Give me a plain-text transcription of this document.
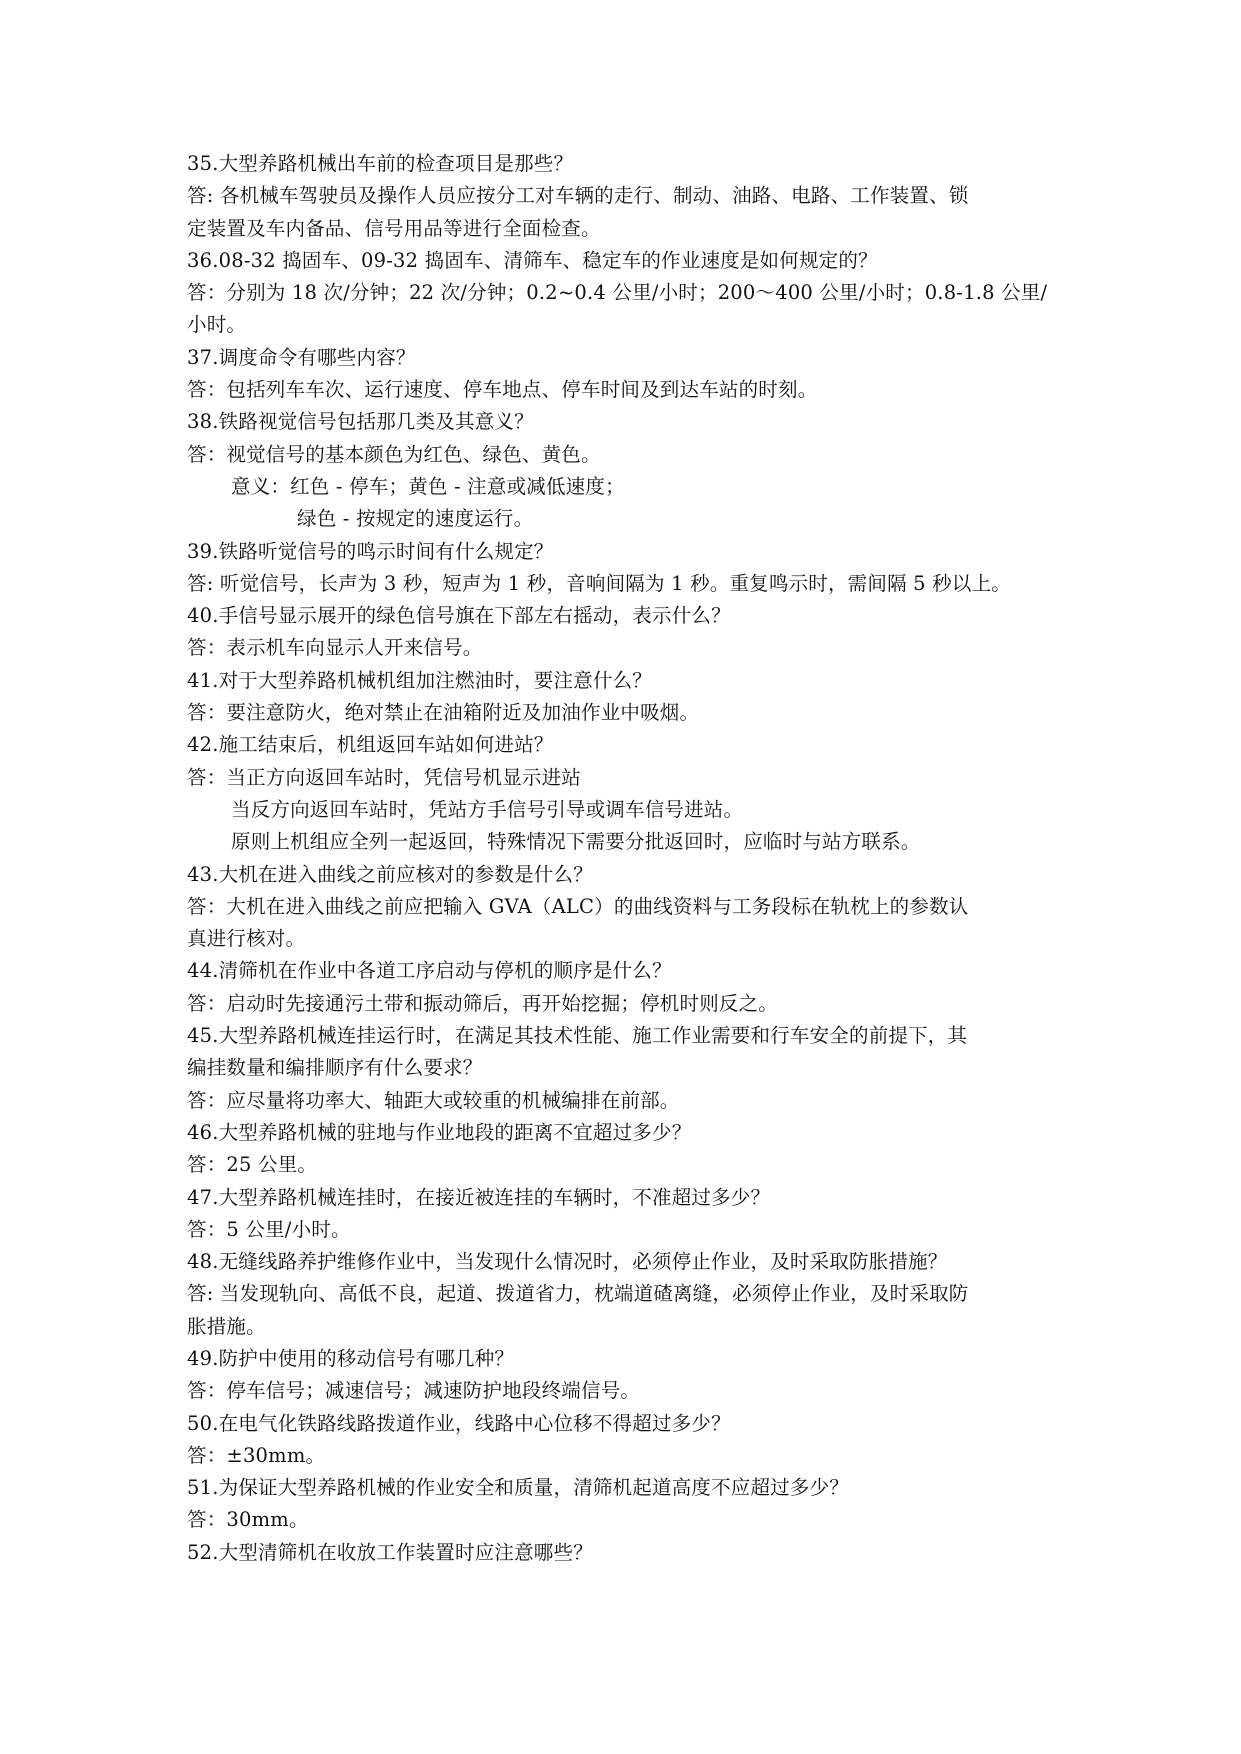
35.大型养路机械出车前的检查项目是那些？
答: 各机械车驾驶员及操作人员应按分工对车辆的走行、制动、油路、电路、工作装置、锁
定装置及车内备品、信号用品等进行全面检查。
36.08-32 捣固车、09-32 捣固车、清筛车、稳定车的作业速度是如何规定的？
答：分别为 18 次/分钟；22 次/分钟；0.2~0.4 公里/小时；200～400 公里/小时；0.8-1.8 公里/
小时。
37.调度命令有哪些内容？
答：包括列车车次、运行速度、停车地点、停车时间及到达车站的时刻。
38.铁路视觉信号包括那几类及其意义？
答：视觉信号的基本颜色为红色、绿色、黄色。
意义：红色 - 停车；黄色 - 注意或减低速度；
绿色 - 按规定的速度运行。
39.铁路听觉信号的鸣示时间有什么规定？
答: 听觉信号，长声为 3 秒，短声为 1 秒，音响间隔为 1 秒。重复鸣示时，需间隔 5 秒以上。
40.手信号显示展开的绿色信号旗在下部左右摇动，表示什么？
答：表示机车向显示人开来信号。
41.对于大型养路机械机组加注燃油时，要注意什么？
答：要注意防火，绝对禁止在油箱附近及加油作业中吸烟。
42.施工结束后，机组返回车站如何进站？
答：当正方向返回车站时，凭信号机显示进站
当反方向返回车站时，凭站方手信号引导或调车信号进站。
原则上机组应全列一起返回，特殊情况下需要分批返回时，应临时与站方联系。
43.大机在进入曲线之前应核对的参数是什么？
答：大机在进入曲线之前应把输入 GVA（ALC）的曲线资料与工务段标在轨枕上的参数认
真进行核对。
44.清筛机在作业中各道工序启动与停机的顺序是什么？
答：启动时先接通污土带和振动筛后，再开始挖掘；停机时则反之。
45.大型养路机械连挂运行时，在满足其技术性能、施工作业需要和行车安全的前提下，其
编挂数量和编排顺序有什么要求？
答：应尽量将功率大、轴距大或较重的机械编排在前部。
46.大型养路机械的驻地与作业地段的距离不宜超过多少？
答：25 公里。
47.大型养路机械连挂时，在接近被连挂的车辆时，不准超过多少？
答：5 公里/小时。
48.无缝线路养护维修作业中，当发现什么情况时，必须停止作业，及时采取防胀措施？
答: 当发现轨向、高低不良，起道、拨道省力，枕端道碴离缝，必须停止作业，及时采取防
胀措施。
49.防护中使用的移动信号有哪几种？
答：停车信号；减速信号；减速防护地段终端信号。
50.在电气化铁路线路拨道作业，线路中心位移不得超过多少？
答：±30mm。
51.为保证大型养路机械的作业安全和质量，清筛机起道高度不应超过多少？
答：30mm。
52.大型清筛机在收放工作装置时应注意哪些？
